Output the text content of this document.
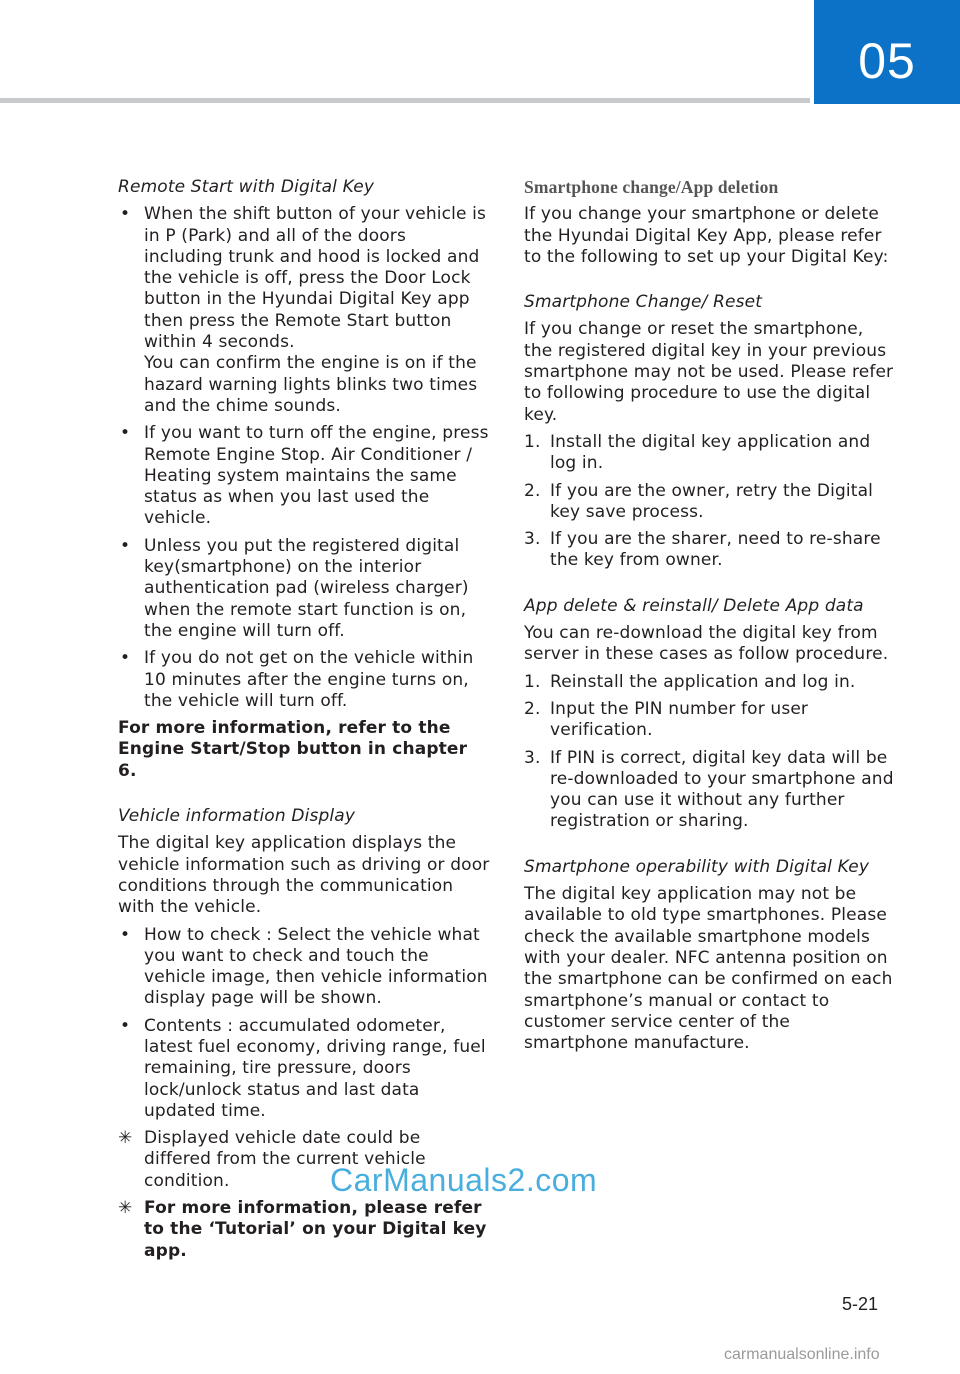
05
Remote Start with Digital Key
• When the shift button of your vehicle is in P (Park) and all of the doors including trunk and hood is locked and the vehicle is off, press the Door Lock button in the Hyundai Digital Key app then press the Remote Start button within 4 seconds.
You can confirm the engine is on if the hazard warning lights blinks two times and the chime sounds.
• If you want to turn off the engine, press Remote Engine Stop. Air Conditioner / Heating system maintains the same status as when you last used the vehicle.
• Unless you put the registered digital key(smartphone) on the interior authentication pad (wireless charger) when the remote start function is on, the engine will turn off.
• If you do not get on the vehicle within 10 minutes after the engine turns on, the vehicle will turn off.

For more information, refer to the Engine Start/Stop button in chapter 6.

Vehicle information Display

The digital key application displays the vehicle information such as driving or door conditions through the communication with the vehicle.

• How to check : Select the vehicle what you want to check and touch the vehicle image, then vehicle information display page will be shown.
• Contents : accumulated odometer, latest fuel economy, driving range, fuel remaining, tire pressure, doors lock/unlock status and last data updated time.
✳ Displayed vehicle date could be differed from the current vehicle condition.
✳ For more information, please refer to the ‘Tutorial’ on your Digital key app.
Smartphone change/App deletion

If you change your smartphone or delete the Hyundai Digital Key App, please refer to the following to set up your Digital Key:

Smartphone Change/ Reset

If you change or reset the smartphone, the registered digital key in your previous smartphone may not be used. Please refer to following procedure to use the digital key.

1. Install the digital key application and log in.
2. If you are the owner, retry the Digital key save process.
3. If you are the sharer, need to re-share the key from owner.
App delete & reinstall/ Delete App data

You can re-download the digital key from server in these cases as follow procedure.

1. Reinstall the application and log in.
2. Input the PIN number for user verification.
3. If PIN is correct, digital key data will be re-downloaded to your smartphone and you can use it without any further registration or sharing.
Smartphone operability with Digital Key

The digital key application may not be available to old type smartphones. Please check the available smartphone models with your dealer. NFC antenna position on the smartphone can be confirmed on each smartphone’s manual or contact to customer service center of the smartphone manufacture.

CarManuals2.com
5-21
carmanualsonline.info
